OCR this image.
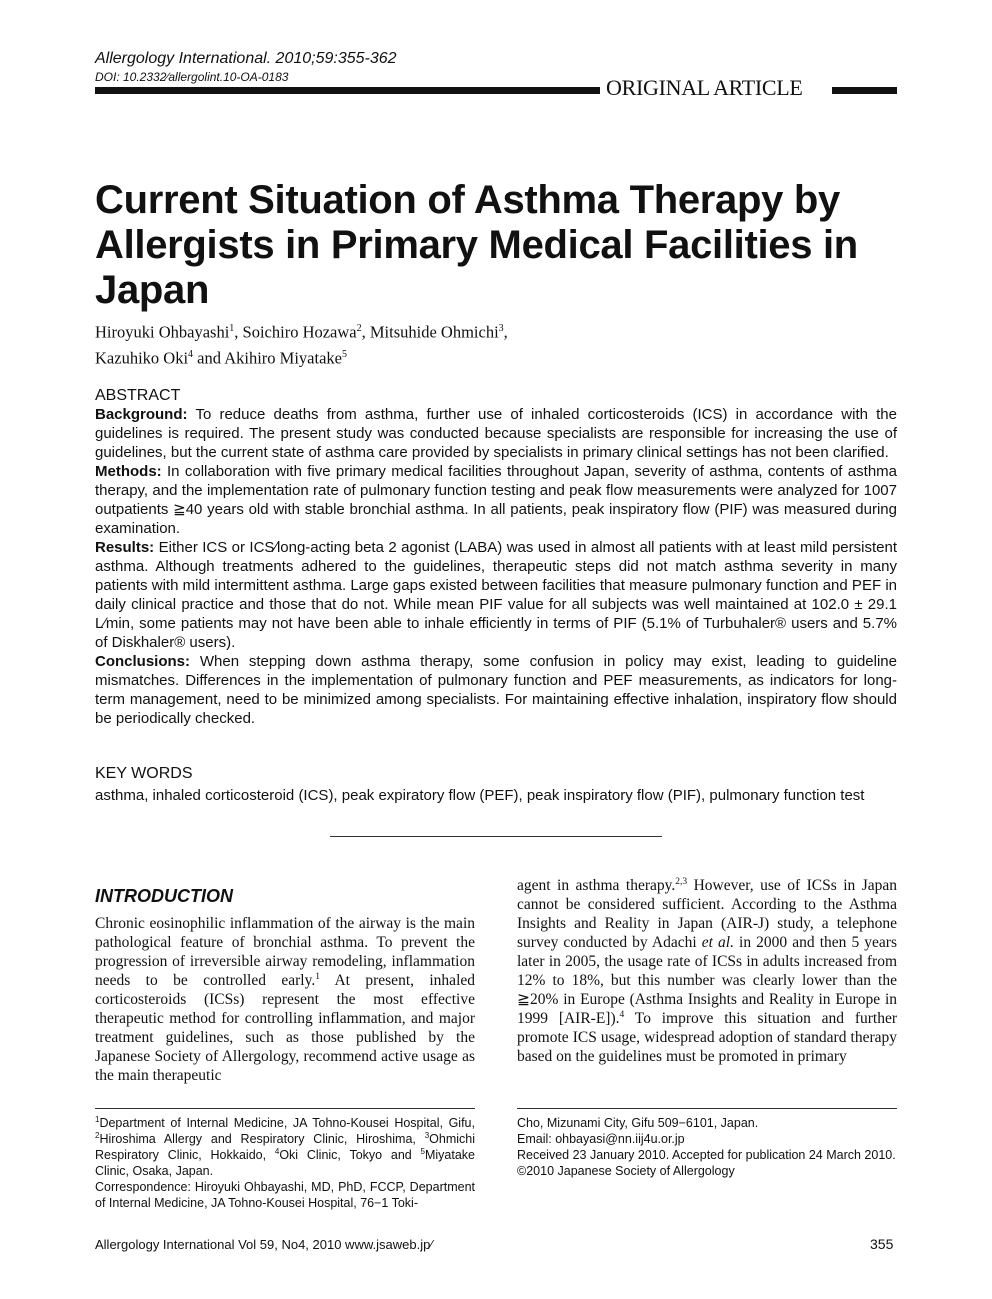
Allergology International. 2010;59:355-362
DOI: 10.2332∕allergolint.10-OA-0183	ORIGINAL ARTICLE
Current Situation of Asthma Therapy by Allergists in Primary Medical Facilities in Japan
Hiroyuki Ohbayashi$^1$, Soichiro Hozawa$^2$, Mitsuhide Ohmichi$^3$,
Kazuhiko Oki$^4$ and Akihiro Miyatake$^5$
ABSTRACT

Background: To reduce deaths from asthma, further use of inhaled corticosteroids (ICS) in accordance with the guidelines is required. The present study was conducted because specialists are responsible for increasing the use of guidelines, but the current state of asthma care provided by specialists in primary clinical settings has not been clarified.

Methods: In collaboration with five primary medical facilities throughout Japan, severity of asthma, contents of asthma therapy, and the implementation rate of pulmonary function testing and peak flow measurements were analyzed for 1007 outpatients ≧40 years old with stable bronchial asthma. In all patients, peak inspiratory flow (PIF) was measured during examination.

Results: Either ICS or ICS∕long-acting beta 2 agonist (LABA) was used in almost all patients with at least mild persistent asthma. Although treatments adhered to the guidelines, therapeutic steps did not match asthma severity in many patients with mild intermittent asthma. Large gaps existed between facilities that measure pulmonary function and PEF in daily clinical practice and those that do not. While mean PIF value for all subjects was well maintained at 102.0 ± 29.1 L∕min, some patients may not have been able to inhale efficiently in terms of PIF (5.1% of Turbuhaler® users and 5.7% of Diskhaler® users).

Conclusions: When stepping down asthma therapy, some confusion in policy may exist, leading to guideline mismatches. Differences in the implementation of pulmonary function and PEF measurements, as indicators for long-term management, need to be minimized among specialists. For maintaining effective inhalation, inspiratory flow should be periodically checked.

KEY WORDS
asthma, inhaled corticosteroid (ICS), peak expiratory flow (PEF), peak inspiratory flow (PIF), pulmonary function test
INTRODUCTION

Chronic eosinophilic inflammation of the airway is the main pathological feature of bronchial asthma. To prevent the progression of irreversible airway remodeling, inflammation needs to be controlled early.$^1$ At present, inhaled corticosteroids (ICSs) represent the most effective therapeutic method for controlling inflammation, and major treatment guidelines, such as those published by the Japanese Society of Allergology, recommend active usage as the main therapeutic

agent in asthma therapy.$^{2,3}$ However, use of ICSs in Japan cannot be considered sufficient. According to the Asthma Insights and Reality in Japan (AIR-J) study, a telephone survey conducted by Adachi et al. in 2000 and then 5 years later in 2005, the usage rate of ICSs in adults increased from 12% to 18%, but this number was clearly lower than the ≧20% in Europe (Asthma Insights and Reality in Europe in 1999 [AIR-E]).$^4$ To improve this situation and further promote ICS usage, widespread adoption of standard therapy based on the guidelines must be promoted in primary

$^1$Department of Internal Medicine, JA Tohno-Kousei Hospital, Gifu, $^2$Hiroshima Allergy and Respiratory Clinic, Hiroshima, $^3$Ohmichi Respiratory Clinic, Hokkaido, $^4$Oki Clinic, Tokyo and $^5$Miyatake Clinic, Osaka, Japan.

Correspondence: Hiroyuki Ohbayashi, MD, PhD, FCCP, Department of Internal Medicine, JA Tohno-Kousei Hospital, 76−1 Toki-

Cho, Mizunami City, Gifu 509−6101, Japan.

Email: ohbayasi@nn.iij4u.or.jp

Received 23 January 2010. Accepted for publication 24 March 2010.

©2010 Japanese Society of Allergology

Allergology International Vol 59, No4, 2010 www.jsaweb.jp∕	355
